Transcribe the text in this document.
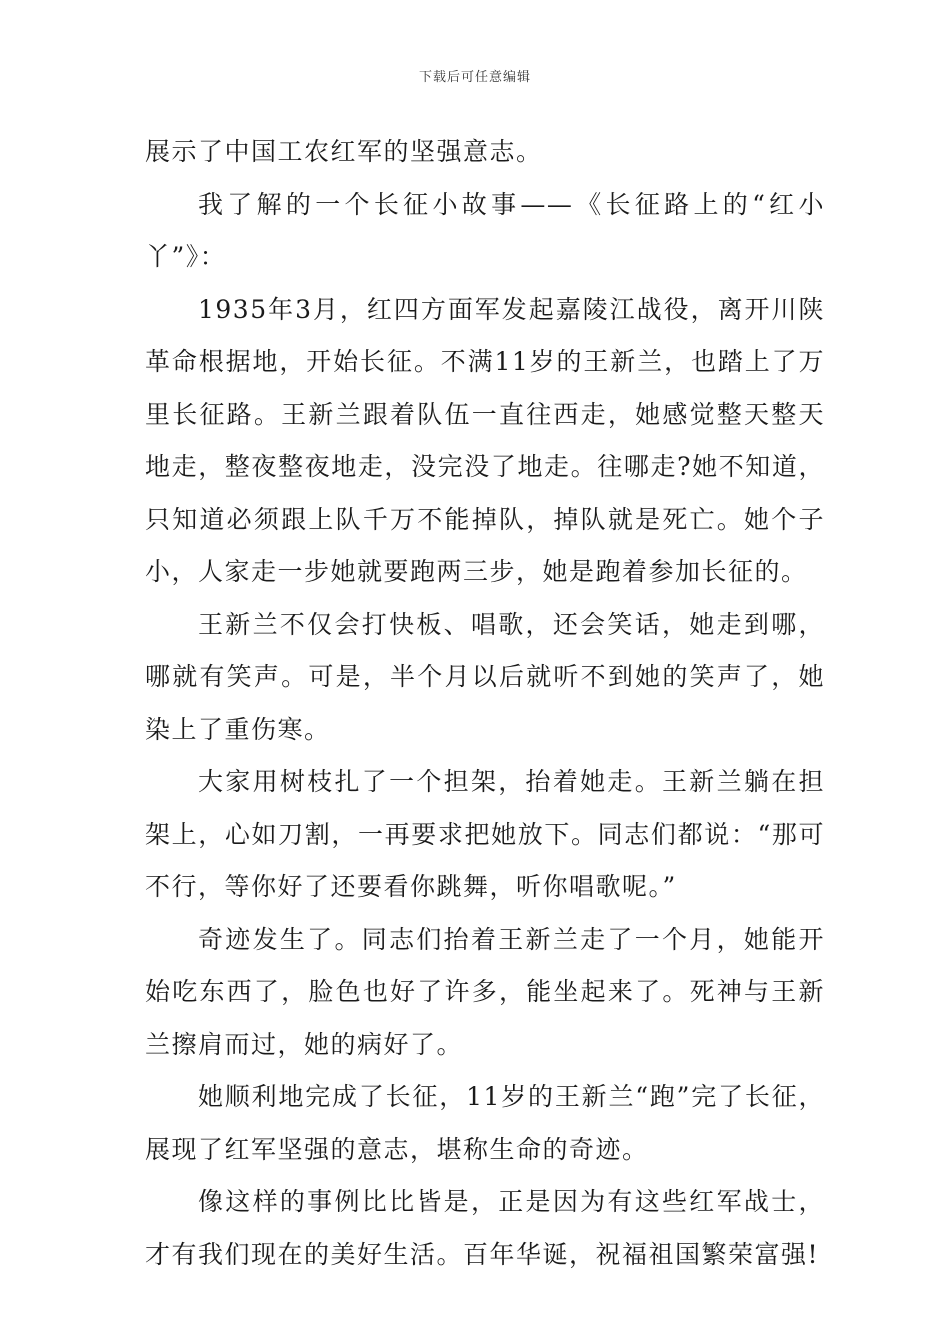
下载后可任意编辑

展示了中国工农红军的坚强意志。

我了解的一个长征小故事——《长征路上的“红小丫”》：

1935年3月，红四方面军发起嘉陵江战役，离开川陕革命根据地，开始长征。不满11岁的王新兰，也踏上了万里长征路。王新兰跟着队伍一直往西走，她感觉整天整天地走，整夜整夜地走，没完没了地走。往哪走?她不知道，只知道必须跟上队千万不能掉队，掉队就是死亡。她个子小，人家走一步她就要跑两三步，她是跑着参加长征的。

王新兰不仅会打快板、唱歌，还会笑话，她走到哪，哪就有笑声。可是，半个月以后就听不到她的笑声了，她染上了重伤寒。

大家用树枝扎了一个担架，抬着她走。王新兰躺在担架上，心如刀割，一再要求把她放下。同志们都说：“那可不行，等你好了还要看你跳舞，听你唱歌呢。”

奇迹发生了。同志们抬着王新兰走了一个月，她能开始吃东西了，脸色也好了许多，能坐起来了。死神与王新兰擦肩而过，她的病好了。

她顺利地完成了长征，11岁的王新兰“跑”完了长征，展现了红军坚强的意志，堪称生命的奇迹。

像这样的事例比比皆是，正是因为有这些红军战士，才有我们现在的美好生活。百年华诞，祝福祖国繁荣富强!
